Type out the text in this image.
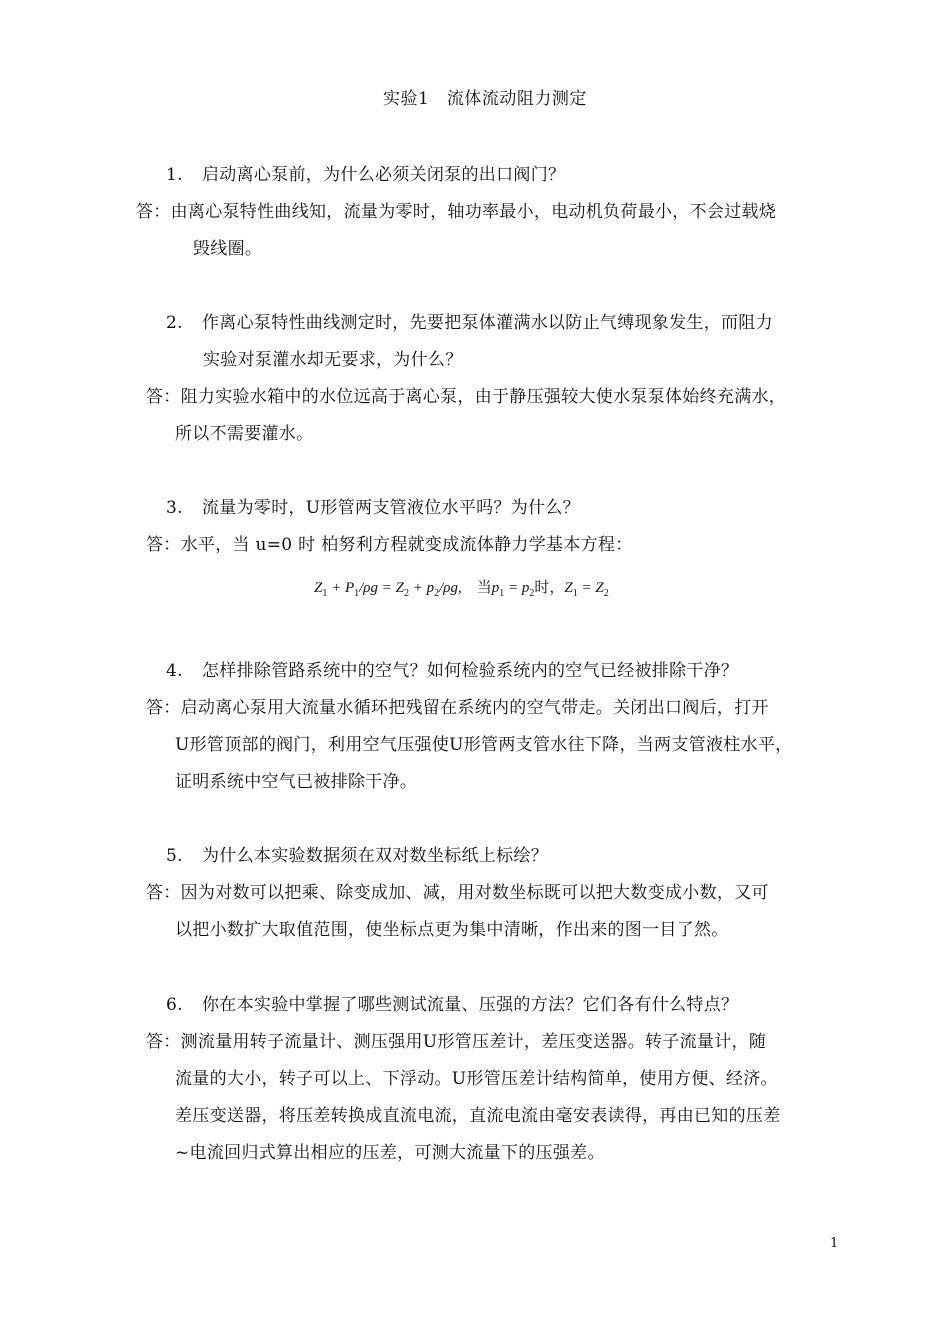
实验1　流体流动阻力测定
1. 启动离心泵前，为什么必须关闭泵的出口阀门？
答：由离心泵特性曲线知，流量为零时，轴功率最小，电动机负荷最小，不会过载烧
毁线圈。
2. 作离心泵特性曲线测定时，先要把泵体灌满水以防止气缚现象发生，而阻力
实验对泵灌水却无要求，为什么？
答：阻力实验水箱中的水位远高于离心泵，由于静压强较大使水泵泵体始终充满水，
所以不需要灌水。
3. 流量为零时，U形管两支管液位水平吗？为什么？
答：水平，当 u=0 时 柏努利方程就变成流体静力学基本方程：
$Z_1 + P_1/\rho g = Z_2 + p_2/\rho g$,　当$p_1 = p_2$时，$Z_1 = Z_2$
4. 怎样排除管路系统中的空气？如何检验系统内的空气已经被排除干净？
答：启动离心泵用大流量水循环把残留在系统内的空气带走。关闭出口阀后，打开
U形管顶部的阀门，利用空气压强使U形管两支管水往下降，当两支管液柱水平，
证明系统中空气已被排除干净。
5. 为什么本实验数据须在双对数坐标纸上标绘？
答：因为对数可以把乘、除变成加、减，用对数坐标既可以把大数变成小数，又可
以把小数扩大取值范围，使坐标点更为集中清晰，作出来的图一目了然。
6. 你在本实验中掌握了哪些测试流量、压强的方法？它们各有什么特点？
答：测流量用转子流量计、测压强用U形管压差计，差压变送器。转子流量计，随
流量的大小，转子可以上、下浮动。U形管压差计结构简单，使用方便、经济。
差压变送器，将压差转换成直流电流，直流电流由毫安表读得，再由已知的压差
~电流回归式算出相应的压差，可测大流量下的压强差。
1
